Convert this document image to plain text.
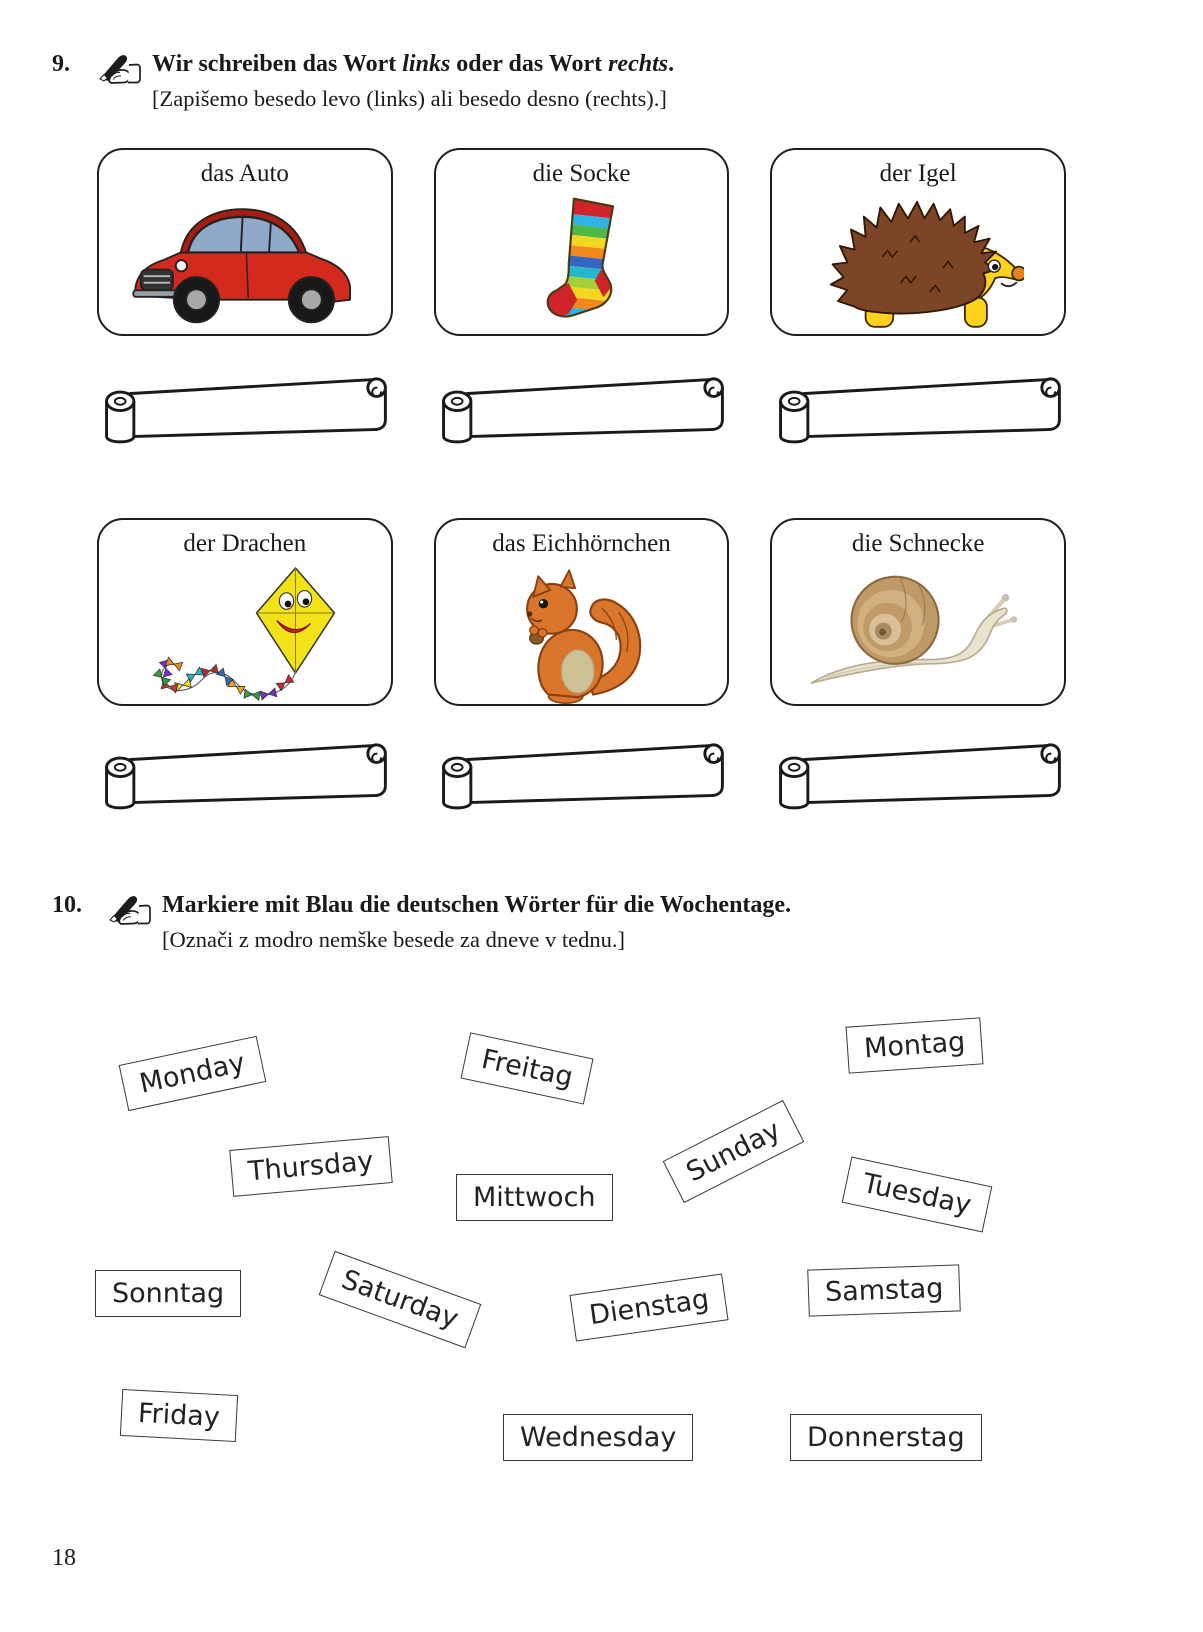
9.	Wir schreiben das Wort links oder das Wort rechts.
[Zapišemo besedo levo (links) ali besedo desno (rechts).]
das Auto	die Socke	der Igel
der Drachen	das Eichhörnchen	die Schnecke
10.	Markiere mit Blau die deutschen Wörter für die Wochentage.
[Označi z modro nemške besede za dneve v tednu.]
Monday	Freitag	Montag
Sunday
Thursday
Mittwoch	Tuesday
Sonntag	Saturday	Dienstag	Samstag
Friday
Wednesday	Donnerstag
18
